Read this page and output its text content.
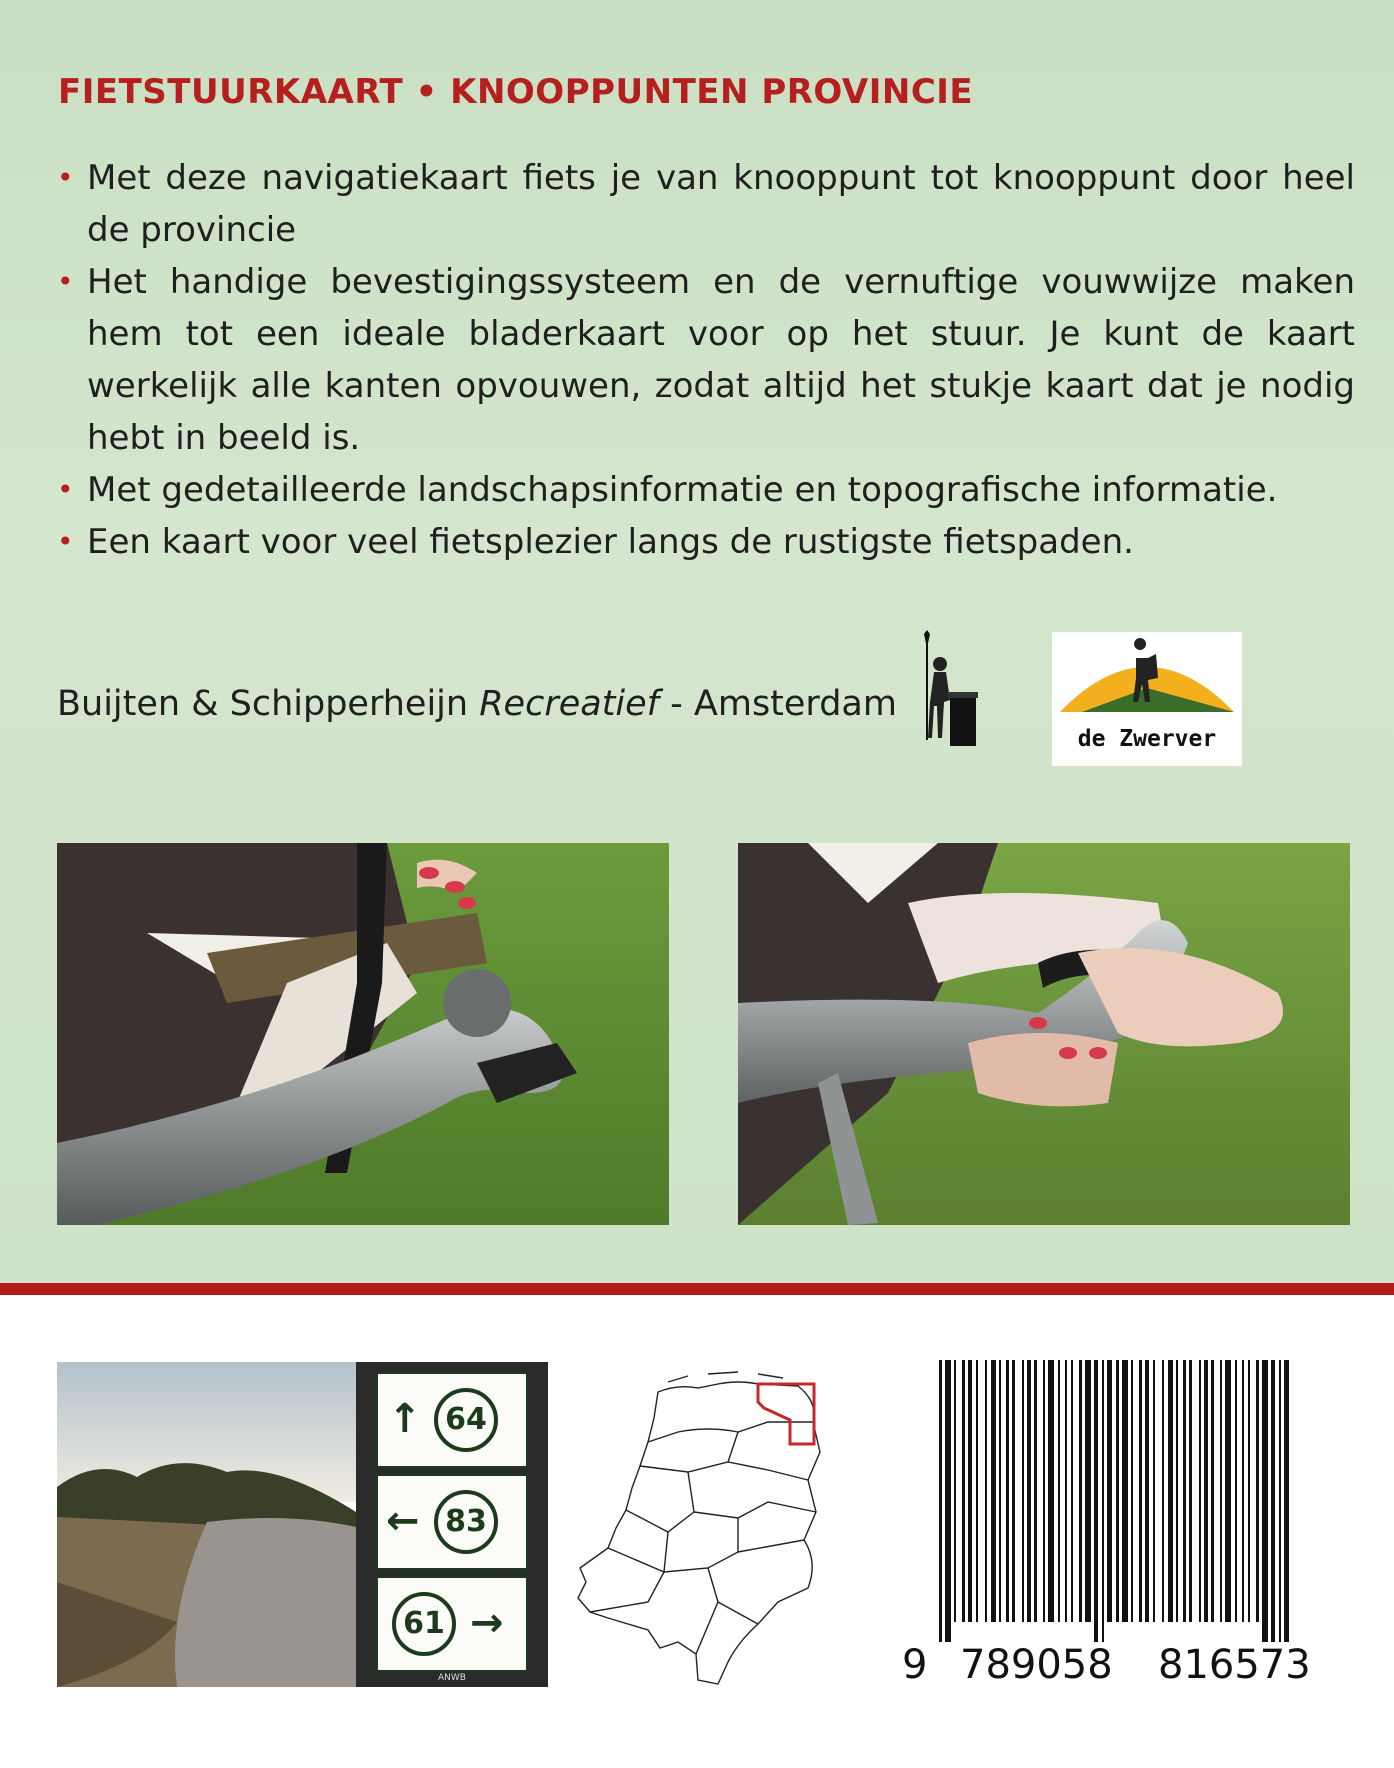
FIETSTUURKAART • KNOOPPUNTEN PROVINCIE
• Met deze navigatiekaart fiets je van knooppunt tot knooppunt door heel de provincie
• Het handige bevestigingssysteem en de vernuftige vouwwijze maken hem tot een ideale bladerkaart voor op het stuur. Je kunt de kaart werkelijk alle kanten opvouwen, zodat altijd het stukje kaart dat je nodig hebt in beeld is.
• Met gedetailleerde landschapsinformatie en topografische informatie.
• Een kaart voor veel fietsplezier langs de rustigste fietspaden.
Buijten & Schipperheijn Recreatief - Amsterdam
de Zwerver
↑ 64
← 83
61 →
ANWB	9 789058 816573
